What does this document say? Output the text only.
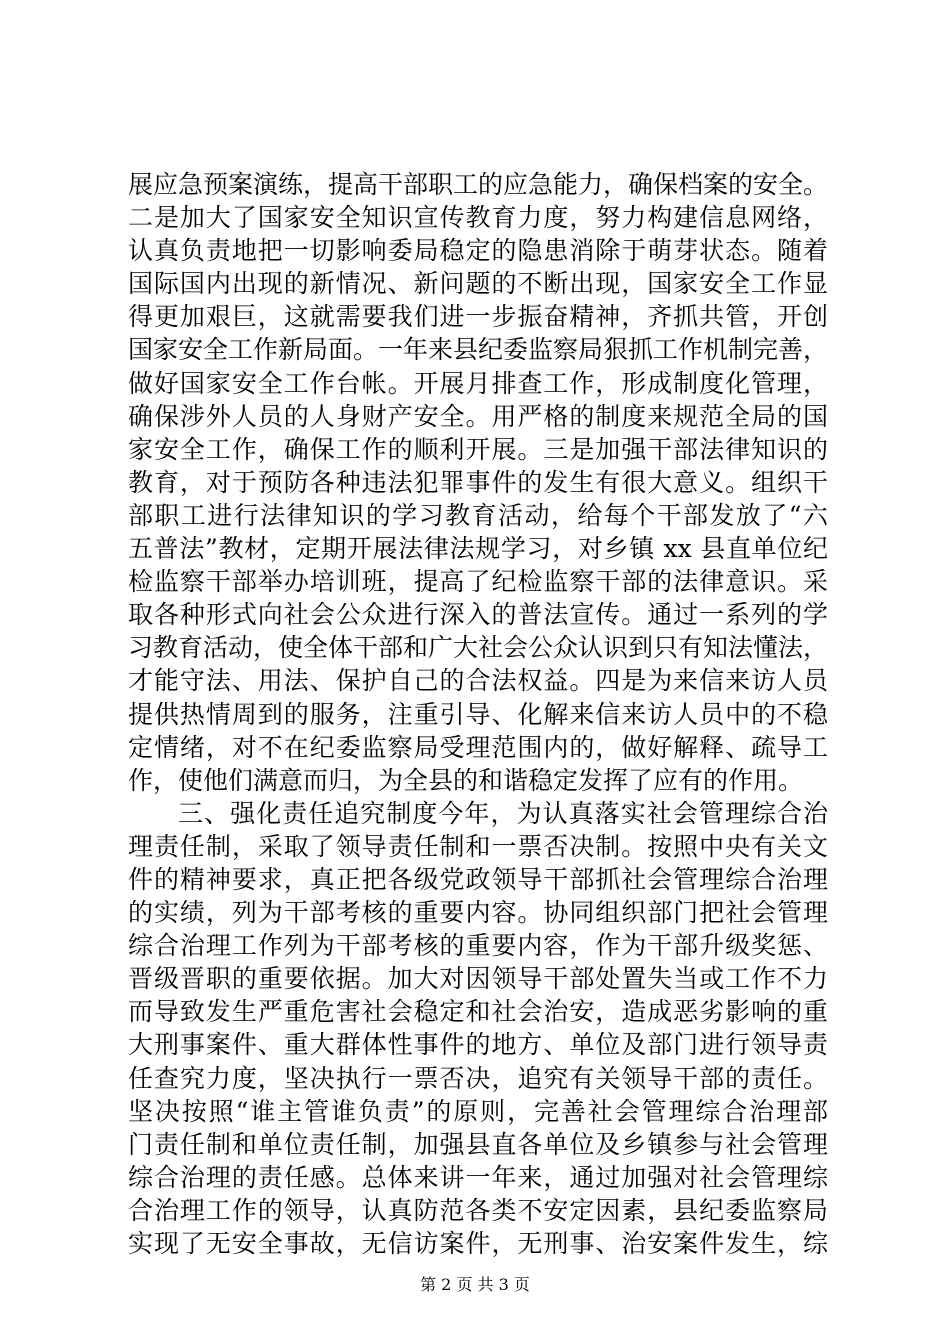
展应急预案演练，提高干部职工的应急能力，确保档案的安全。
二是加大了国家安全知识宣传教育力度，努力构建信息网络，
认真负责地把一切影响委局稳定的隐患消除于萌芽状态。随着
国际国内出现的新情况、新问题的不断出现，国家安全工作显
得更加艰巨，这就需要我们进一步振奋精神，齐抓共管，开创
国家安全工作新局面。一年来县纪委监察局狠抓工作机制完善，
做好国家安全工作台帐。开展月排查工作，形成制度化管理，
确保涉外人员的人身财产安全。用严格的制度来规范全局的国
家安全工作，确保工作的顺利开展。三是加强干部法律知识的
教育，对于预防各种违法犯罪事件的发生有很大意义。组织干
部职工进行法律知识的学习教育活动，给每个干部发放了“六
五普法”教材，定期开展法律法规学习，对乡镇 xx 县直单位纪
检监察干部举办培训班，提高了纪检监察干部的法律意识。采
取各种形式向社会公众进行深入的普法宣传。通过一系列的学
习教育活动，使全体干部和广大社会公众认识到只有知法懂法，
才能守法、用法、保护自己的合法权益。四是为来信来访人员
提供热情周到的服务，注重引导、化解来信来访人员中的不稳
定情绪，对不在纪委监察局受理范围内的，做好解释、疏导工
作，使他们满意而归，为全县的和谐稳定发挥了应有的作用。
三、强化责任追究制度今年，为认真落实社会管理综合治
理责任制，采取了领导责任制和一票否决制。按照中央有关文
件的精神要求，真正把各级党政领导干部抓社会管理综合治理
的实绩，列为干部考核的重要内容。协同组织部门把社会管理
综合治理工作列为干部考核的重要内容，作为干部升级奖惩、
晋级晋职的重要依据。加大对因领导干部处置失当或工作不力
而导致发生严重危害社会稳定和社会治安，造成恶劣影响的重
大刑事案件、重大群体性事件的地方、单位及部门进行领导责
任查究力度，坚决执行一票否决，追究有关领导干部的责任。
坚决按照“谁主管谁负责”的原则，完善社会管理综合治理部
门责任制和单位责任制，加强县直各单位及乡镇参与社会管理
综合治理的责任感。总体来讲一年来，通过加强对社会管理综
合治理工作的领导，认真防范各类不安定因素，县纪委监察局
实现了无安全事故，无信访案件，无刑事、治安案件发生，综
第 2 页 共 3 页
